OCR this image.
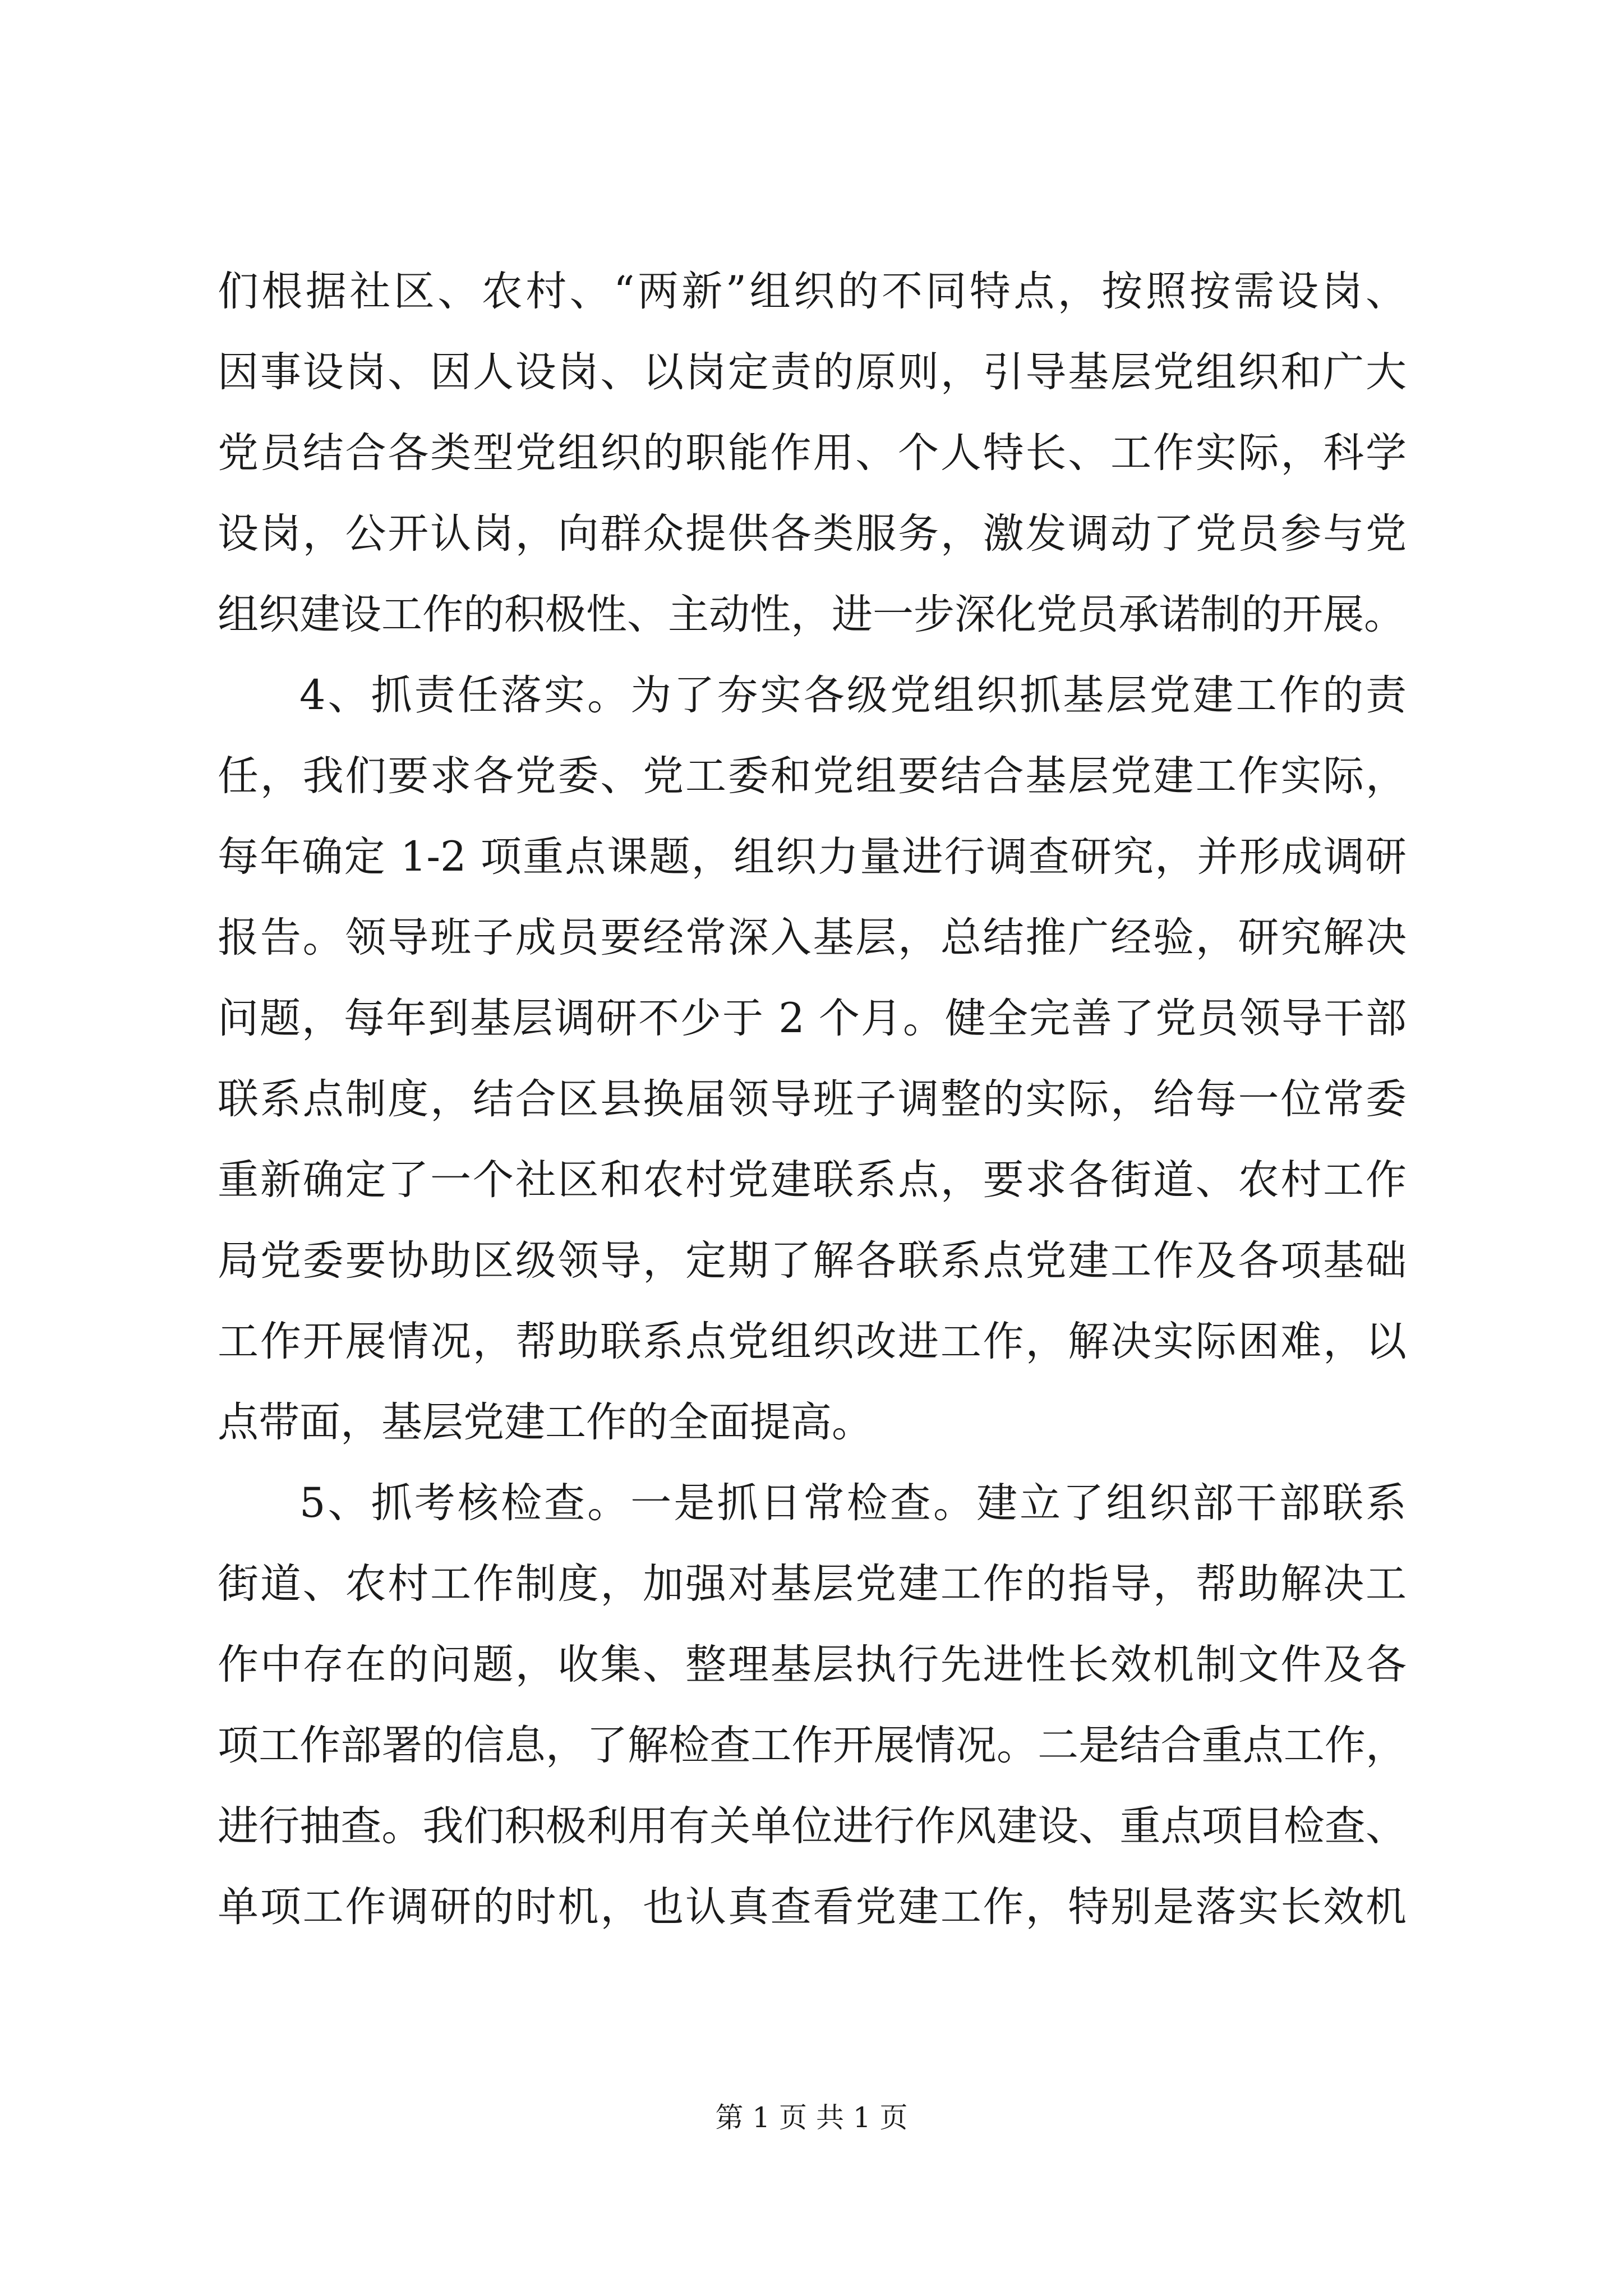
们根据社区、农村、“两新”组织的不同特点，按照按需设岗、
因事设岗、因人设岗、以岗定责的原则，引导基层党组织和广大
党员结合各类型党组织的职能作用、个人特长、工作实际，科学
设岗，公开认岗，向群众提供各类服务，激发调动了党员参与党
组织建设工作的积极性、主动性，进一步深化党员承诺制的开展。
4、抓责任落实。为了夯实各级党组织抓基层党建工作的责
任，我们要求各党委、党工委和党组要结合基层党建工作实际，
每年确定 1-2 项重点课题，组织力量进行调查研究，并形成调研
报告。领导班子成员要经常深入基层，总结推广经验，研究解决
问题，每年到基层调研不少于 2 个月。健全完善了党员领导干部
联系点制度，结合区县换届领导班子调整的实际，给每一位常委
重新确定了一个社区和农村党建联系点，要求各街道、农村工作
局党委要协助区级领导，定期了解各联系点党建工作及各项基础
工作开展情况，帮助联系点党组织改进工作，解决实际困难，以
点带面，基层党建工作的全面提高。
5、抓考核检查。一是抓日常检查。建立了组织部干部联系
街道、农村工作制度，加强对基层党建工作的指导，帮助解决工
作中存在的问题，收集、整理基层执行先进性长效机制文件及各
项工作部署的信息，了解检查工作开展情况。二是结合重点工作，
进行抽查。我们积极利用有关单位进行作风建设、重点项目检查、
单项工作调研的时机，也认真查看党建工作，特别是落实长效机
第 1 页 共 1 页
